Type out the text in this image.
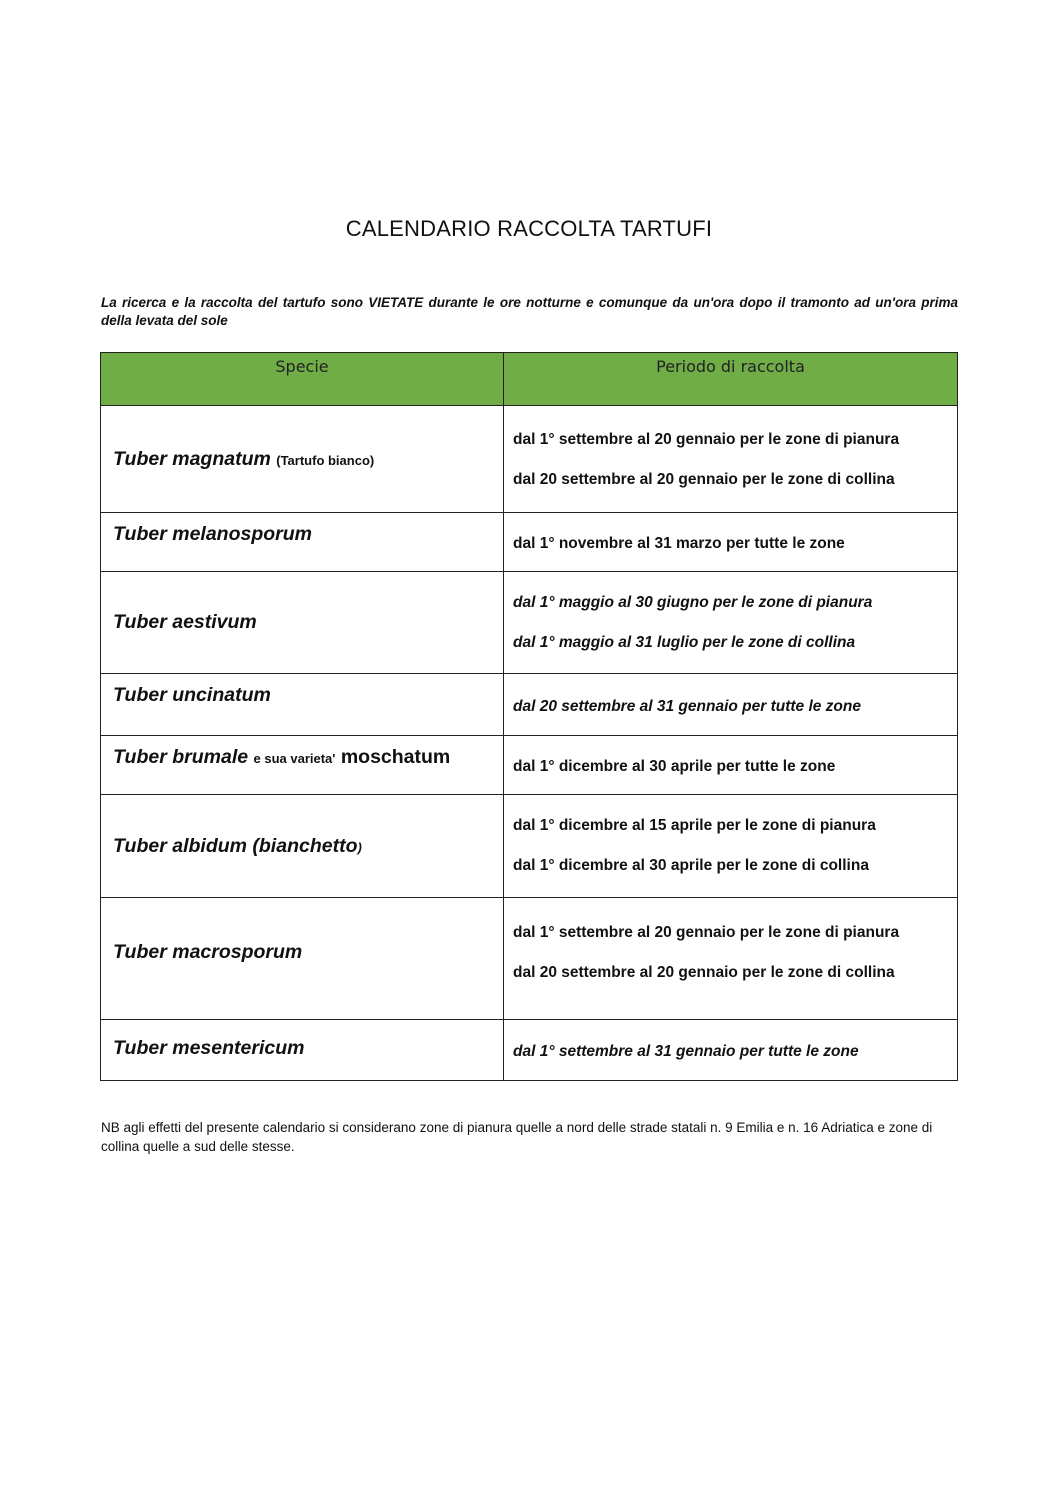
CALENDARIO RACCOLTA TARTUFI
La ricerca e la raccolta del tartufo sono VIETATE durante le ore notturne e comunque da un'ora dopo il tramonto ad un'ora prima della levata del sole
Specie	Periodo di raccolta
Tuber magnatum (Tartufo bianco)	dal 1° settembre al 20 gennaio per le zone di pianura
dal 20 settembre al 20 gennaio per le zone di collina

Tuber melanosporum	dal 1° novembre al 31 marzo per tutte le zone

Tuber aestivum	dal 1° maggio al 30 giugno per le zone di pianura
dal 1° maggio al 31 luglio per le zone di collina

Tuber uncinatum	dal 20 settembre al 31 gennaio per tutte le zone

Tuber brumale e sua varieta' moschatum	dal 1° dicembre al 30 aprile per tutte le zone

Tuber albidum (bianchetto)	dal 1° dicembre al 15 aprile per le zone di pianura
dal 1° dicembre al 30 aprile per le zone di collina

Tuber macrosporum	dal 1° settembre al 20 gennaio per le zone di pianura
dal 20 settembre al 20 gennaio per le zone di collina

Tuber mesentericum	dal 1° settembre al 31 gennaio per tutte le zone
NB agli effetti del presente calendario si considerano zone di pianura quelle a nord delle strade statali n. 9 Emilia e n. 16 Adriatica e zone di collina quelle a sud delle stesse.
